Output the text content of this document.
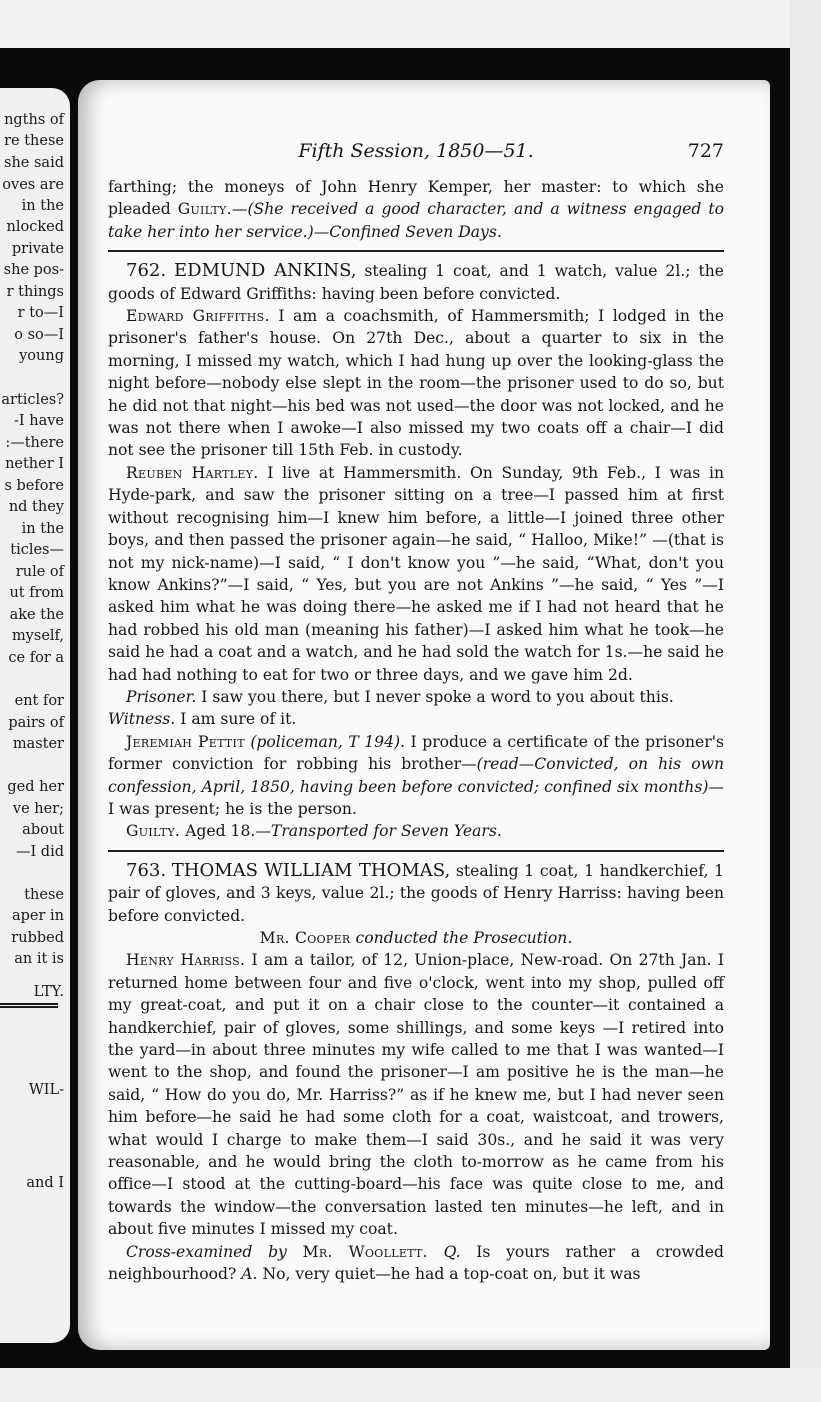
ngths of
re these
she said
oves are
in the
nlocked
private
she pos-
r things
r to—I
o so—I
young
articles?
-I have
:—there
nether I
s before
nd they
in the
ticles—
rule of
ut from
ake the
myself,
ce for a
ent for
pairs of
master
ged her
ve her;
about
—I did
these
aper in
rubbed
an it is
LTY.
WIL-
and I
Fifth Session, 1850—51.	727

farthing; the moneys of John Henry Kemper, her master: to which she pleaded Guilty.—(She received a good character, and a witness engaged to take her into her service.)—Confined Seven Days.

762. EDMUND ANKINS, stealing 1 coat, and 1 watch, value 2l.; the goods of Edward Griffiths: having been before convicted.

Edward Griffiths. I am a coachsmith, of Hammersmith; I lodged in the prisoner's father's house. On 27th Dec., about a quarter to six in the morning, I missed my watch, which I had hung up over the looking-glass the night before—nobody else slept in the room—the prisoner used to do so, but he did not that night—his bed was not used—the door was not locked, and he was not there when I awoke—I also missed my two coats off a chair—I did not see the prisoner till 15th Feb. in custody.

Reuben Hartley. I live at Hammersmith. On Sunday, 9th Feb., I was in Hyde-park, and saw the prisoner sitting on a tree—I passed him at first without recognising him—I knew him before, a little—I joined three other boys, and then passed the prisoner again—he said, “ Halloo, Mike!” —(that is not my nick-name)—I said, “ I don't know you ”—he said, “What, don't you know Ankins?”—I said, “ Yes, but you are not Ankins ”—he said, “ Yes ”—I asked him what he was doing there—he asked me if I had not heard that he had robbed his old man (meaning his father)—I asked him what he took—he said he had a coat and a watch, and he had sold the watch for 1s.—he said he had had nothing to eat for two or three days, and we gave him 2d.

Prisoner. I saw you there, but I never spoke a word to you about this.
Witness. I am sure of it.

Jeremiah Pettit (policeman, T 194). I produce a certificate of the prisoner's former conviction for robbing his brother—(read—Convicted, on his own confession, April, 1850, having been before convicted; confined six months)—I was present; he is the person.

Guilty. Aged 18.—Transported for Seven Years.

763. THOMAS WILLIAM THOMAS, stealing 1 coat, 1 handkerchief, 1 pair of gloves, and 3 keys, value 2l.; the goods of Henry Harriss: having been before convicted.

Mr. Cooper conducted the Prosecution.

Henry Harriss. I am a tailor, of 12, Union-place, New-road. On 27th Jan. I returned home between four and five o'clock, went into my shop, pulled off my great-coat, and put it on a chair close to the counter—it contained a handkerchief, pair of gloves, some shillings, and some keys —I retired into the yard—in about three minutes my wife called to me that I was wanted—I went to the shop, and found the prisoner—I am positive he is the man—he said, “ How do you do, Mr. Harriss?” as if he knew me, but I had never seen him before—he said he had some cloth for a coat, waistcoat, and trowers, what would I charge to make them—I said 30s., and he said it was very reasonable, and he would bring the cloth to-morrow as he came from his office—I stood at the cutting-board—his face was quite close to me, and towards the window—the conversation lasted ten minutes—he left, and in about five minutes I missed my coat.

Cross-examined by Mr. Woollett. Q. Is yours rather a crowded neighbourhood? A. No, very quiet—he had a top-coat on, but it was
